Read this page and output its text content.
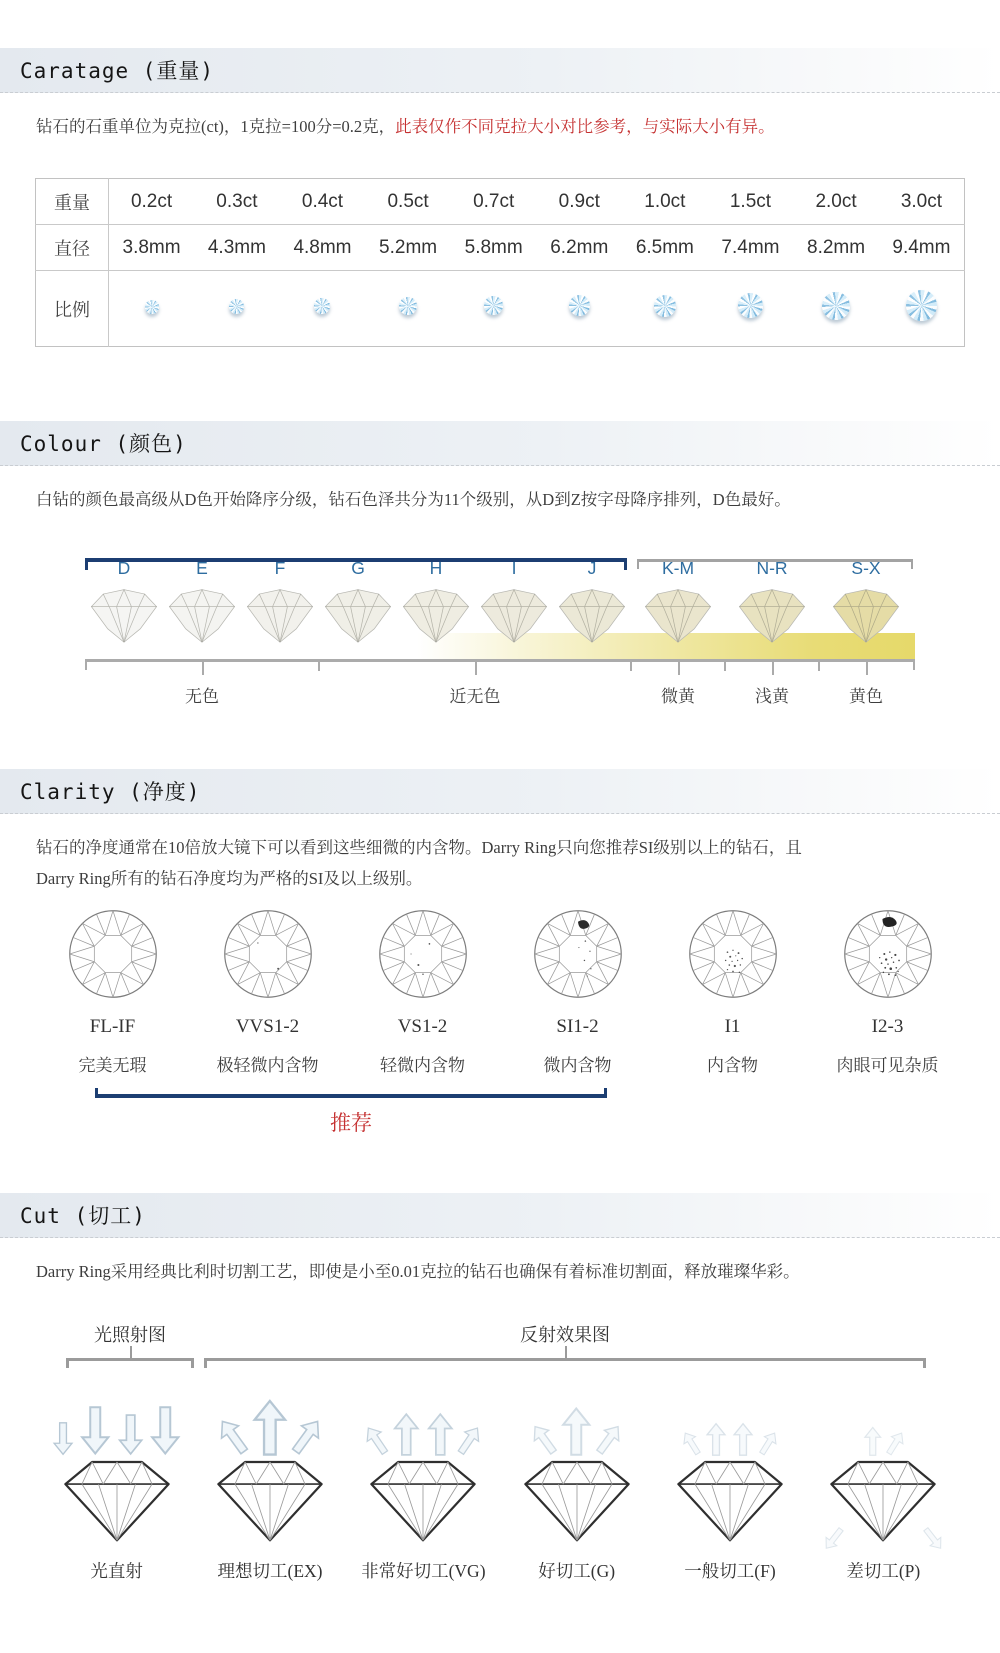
Caratage (重量)

钻石的石重单位为克拉(ct)，1克拉=100分=0.2克，此表仅作不同克拉大小对比参考，与实际大小有异。

重量	0.2ct	0.3ct	0.4ct	0.5ct	0.7ct	0.9ct	1.0ct	1.5ct	2.0ct	3.0ct
直径	3.8mm	4.3mm	4.8mm	5.2mm	5.8mm	6.2mm	6.5mm	7.4mm	8.2mm	9.4mm
比例										
Colour (颜色)

白钻的颜色最高级从D色开始降序分级，钻石色泽共分为11个级别，从D到Z按字母降序排列，D色最好。

D	E	F	G	H	I	J	K-M	N-R	S-X
无色	近无色	微黄	浅黄	黄色
Clarity (净度)

钻石的净度通常在10倍放大镜下可以看到这些细微的内含物。Darry Ring只向您推荐SI级别以上的钻石，且
Darry Ring所有的钻石净度均为严格的SI及以上级别。

FL-IF
完美无瑕
VVS1-2
极轻微内含物
VS1-2
轻微内含物
SI1-2
微内含物
I1
内含物
I2-3
肉眼可见杂质
推荐
Cut (切工)

Darry Ring采用经典比利时切割工艺，即使是小至0.01克拉的钻石也确保有着标准切割面，释放璀璨华彩。

光照射图	反射效果图
光直射	理想切工(EX) 非常好切工(VG)	好切工(G)	一般切工(F)	差切工(P)
